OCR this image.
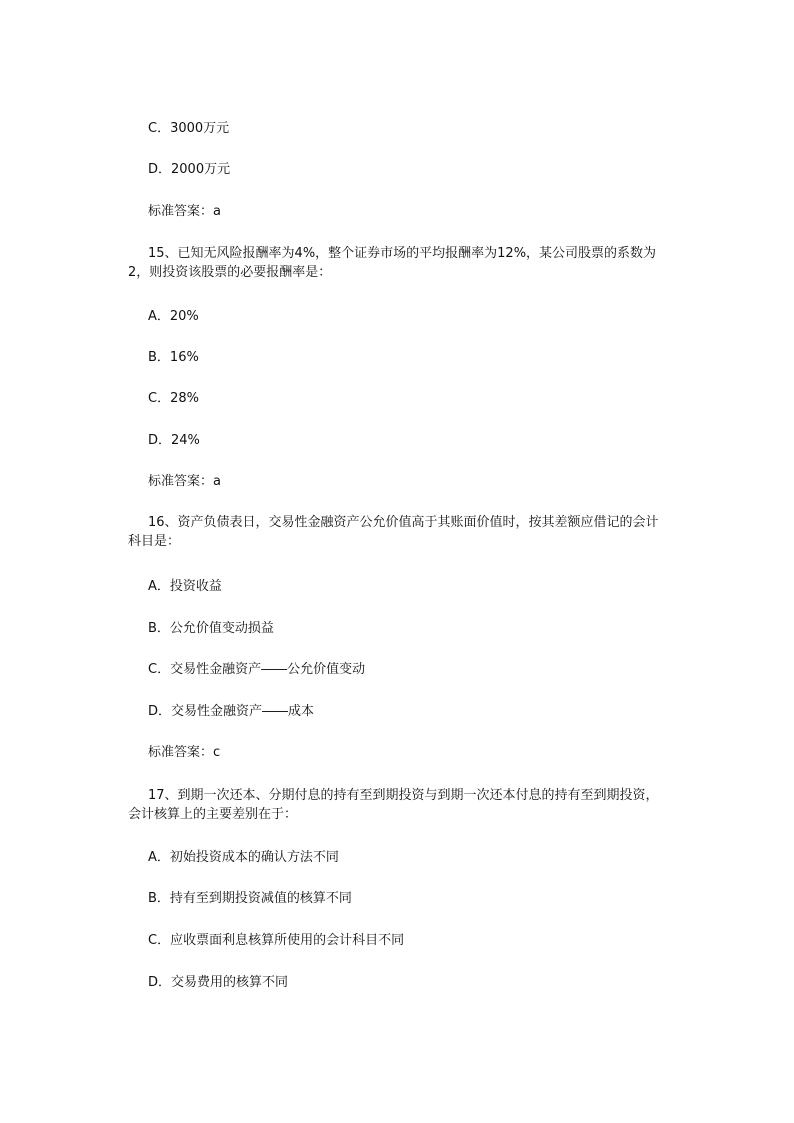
C．3000万元

D．2000万元

标准答案：a

15、已知无风险报酬率为4%，整个证券市场的平均报酬率为12%，某公司股票的系数为2，则投资该股票的必要报酬率是：

A．20%

B．16%

C．28%

D．24%

标准答案：a

16、资产负债表日，交易性金融资产公允价值高于其账面价值时，按其差额应借记的会计科目是：

A．投资收益

B．公允价值变动损益

C．交易性金融资产――公允价值变动

D．交易性金融资产――成本

标准答案：c

17、到期一次还本、分期付息的持有至到期投资与到期一次还本付息的持有至到期投资，会计核算上的主要差别在于：

A．初始投资成本的确认方法不同

B．持有至到期投资减值的核算不同

C．应收票面利息核算所使用的会计科目不同

D．交易费用的核算不同
